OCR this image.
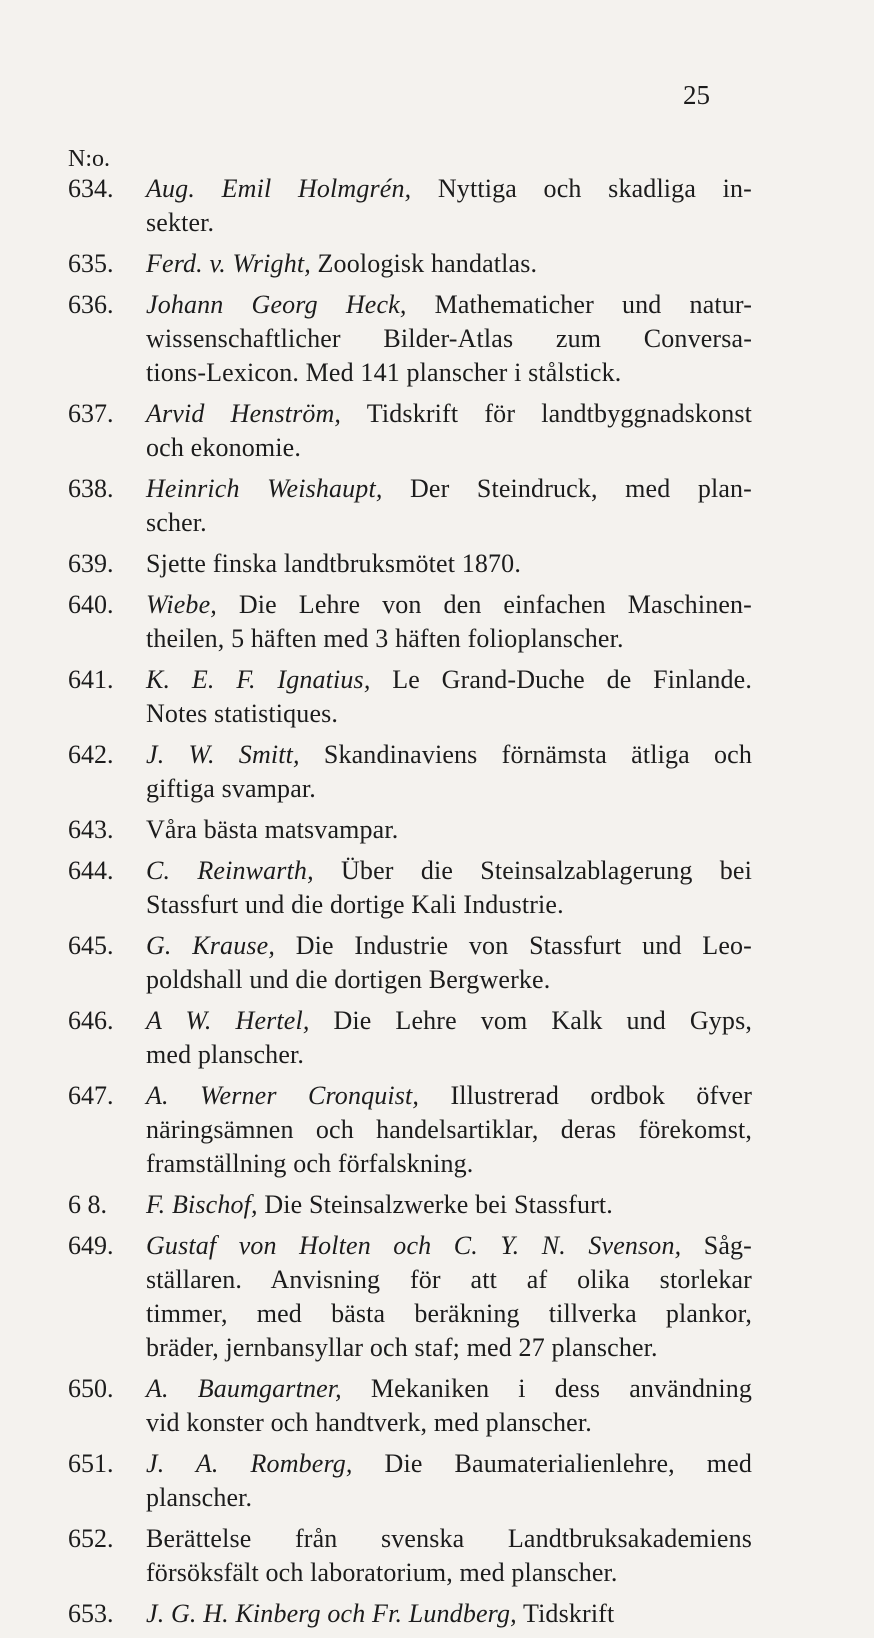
25
N:o.
634. Aug. Emil Holmgrén, Nyttiga och skadliga in-
sekter.
635. Ferd. v. Wright, Zoologisk handatlas.
636. Johann Georg Heck, Mathematicher und natur-
wissenschaftlicher Bilder-Atlas zum Conversa-
tions-Lexicon. Med 141 planscher i stålstick.
637. Arvid Henström, Tidskrift för landtbyggnadskonst
och ekonomie.
638. Heinrich Weishaupt, Der Steindruck, med plan-
scher.
639. Sjette finska landtbruksmötet 1870.
640. Wiebe, Die Lehre von den einfachen Maschinen-
theilen, 5 häften med 3 häften folioplanscher.
641. K. E. F. Ignatius, Le Grand-Duche de Finlande.
Notes statistiques.
642. J. W. Smitt, Skandinaviens förnämsta ätliga och
giftiga svampar.
643. Våra bästa matsvampar.
644. C. Reinwarth, Über die Steinsalzablagerung bei
Stassfurt und die dortige Kali Industrie.
645. G. Krause, Die Industrie von Stassfurt und Leo-
poldshall und die dortigen Bergwerke.
646. A W. Hertel, Die Lehre vom Kalk und Gyps,
med planscher.
647. A. Werner Cronquist, Illustrerad ordbok öfver
näringsämnen och handelsartiklar, deras förekomst,
framställning och förfalskning.
6 8. F. Bischof, Die Steinsalzwerke bei Stassfurt.
649. Gustaf von Holten och C. Y. N. Svenson, Såg-
ställaren. Anvisning för att af olika storlekar
timmer, med bästa beräkning tillverka plankor,
bräder, jernbansyllar och staf; med 27 planscher.
650. A. Baumgartner, Mekaniken i dess användning
vid konster och handtverk, med planscher.
651. J. A. Romberg, Die Baumaterialienlehre, med
planscher.
652. Berättelse från svenska Landtbruksakademiens
försöksfält och laboratorium, med planscher.
653. J. G. H. Kinberg och Fr. Lundberg, Tidskrift
